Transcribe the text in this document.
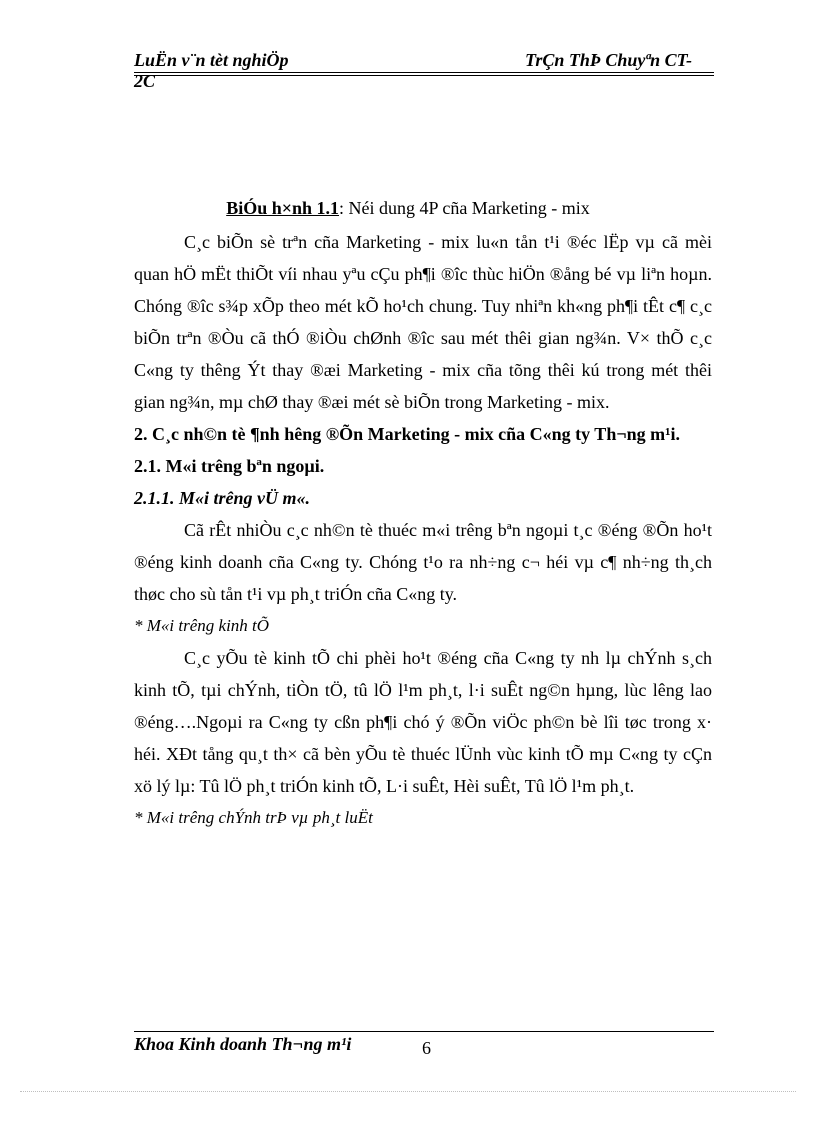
LuËn v¨n tèt nghiÖp	TrÇn ThÞ Chuyªn CT-
2C
BiÓu h×nh 1.1: Néi dung 4P cña Marketing - mix

C¸c biÕn sè trªn cña Marketing - mix lu«n tån t¹i ®éc lËp vµ cã mèi quan hÖ mËt thiÕt víi nhau yªu cÇu ph¶i ®îc thùc hiÖn ®ång bé vµ liªn hoµn. Chóng ®îc s¾p xÕp theo mét kÕ ho¹ch chung. Tuy nhiªn kh«ng ph¶i tÊt c¶ c¸c biÕn trªn ®Òu cã thÓ ®iÒu chØnh ®îc sau mét thêi gian ng¾n. V× thÕ c¸c C«ng ty thêng Ýt thay ®æi Marketing - mix cña tõng thêi kú trong mét thêi gian ng¾n, mµ chØ thay ®æi mét sè biÕn trong Marketing - mix.

2. C¸c nh©n tè ¶nh hêng ®Õn Marketing - mix cña C«ng ty Th¬ng m¹i.

2.1. M«i trêng bªn ngoµi.

2.1.1. M«i trêng vÜ m«.

Cã rÊt nhiÒu c¸c nh©n tè thuéc m«i trêng bªn ngoµi t¸c ®éng ®Õn ho¹t ®éng kinh doanh cña C«ng ty. Chóng t¹o ra nh÷ng c¬ héi vµ c¶ nh÷ng th¸ch thøc cho sù tån t¹i vµ ph¸t triÓn cña C«ng ty.

* M«i trêng kinh tÕ

C¸c yÕu tè kinh tÕ chi phèi ho¹t ®éng cña C«ng ty nh lµ chÝnh s¸ch kinh tÕ, tµi chÝnh, tiÒn tÖ, tû lÖ l¹m ph¸t, l·i suÊt ng©n hµng, lùc lêng lao ®éng….Ngoµi ra C«ng ty cßn ph¶i chó ý ®Õn viÖc ph©n bè lîi tøc trong x· héi. XÐt tång qu¸t th× cã bèn yÕu tè thuéc lÜnh vùc kinh tÕ mµ C«ng ty cÇn xö lý lµ: Tû lÖ ph¸t triÓn kinh tÕ, L·i suÊt, Hèi suÊt, Tû lÖ l¹m ph¸t.

* M«i trêng chÝnh trÞ vµ ph¸t luËt

Khoa Kinh doanh Th¬ng m¹i	6
